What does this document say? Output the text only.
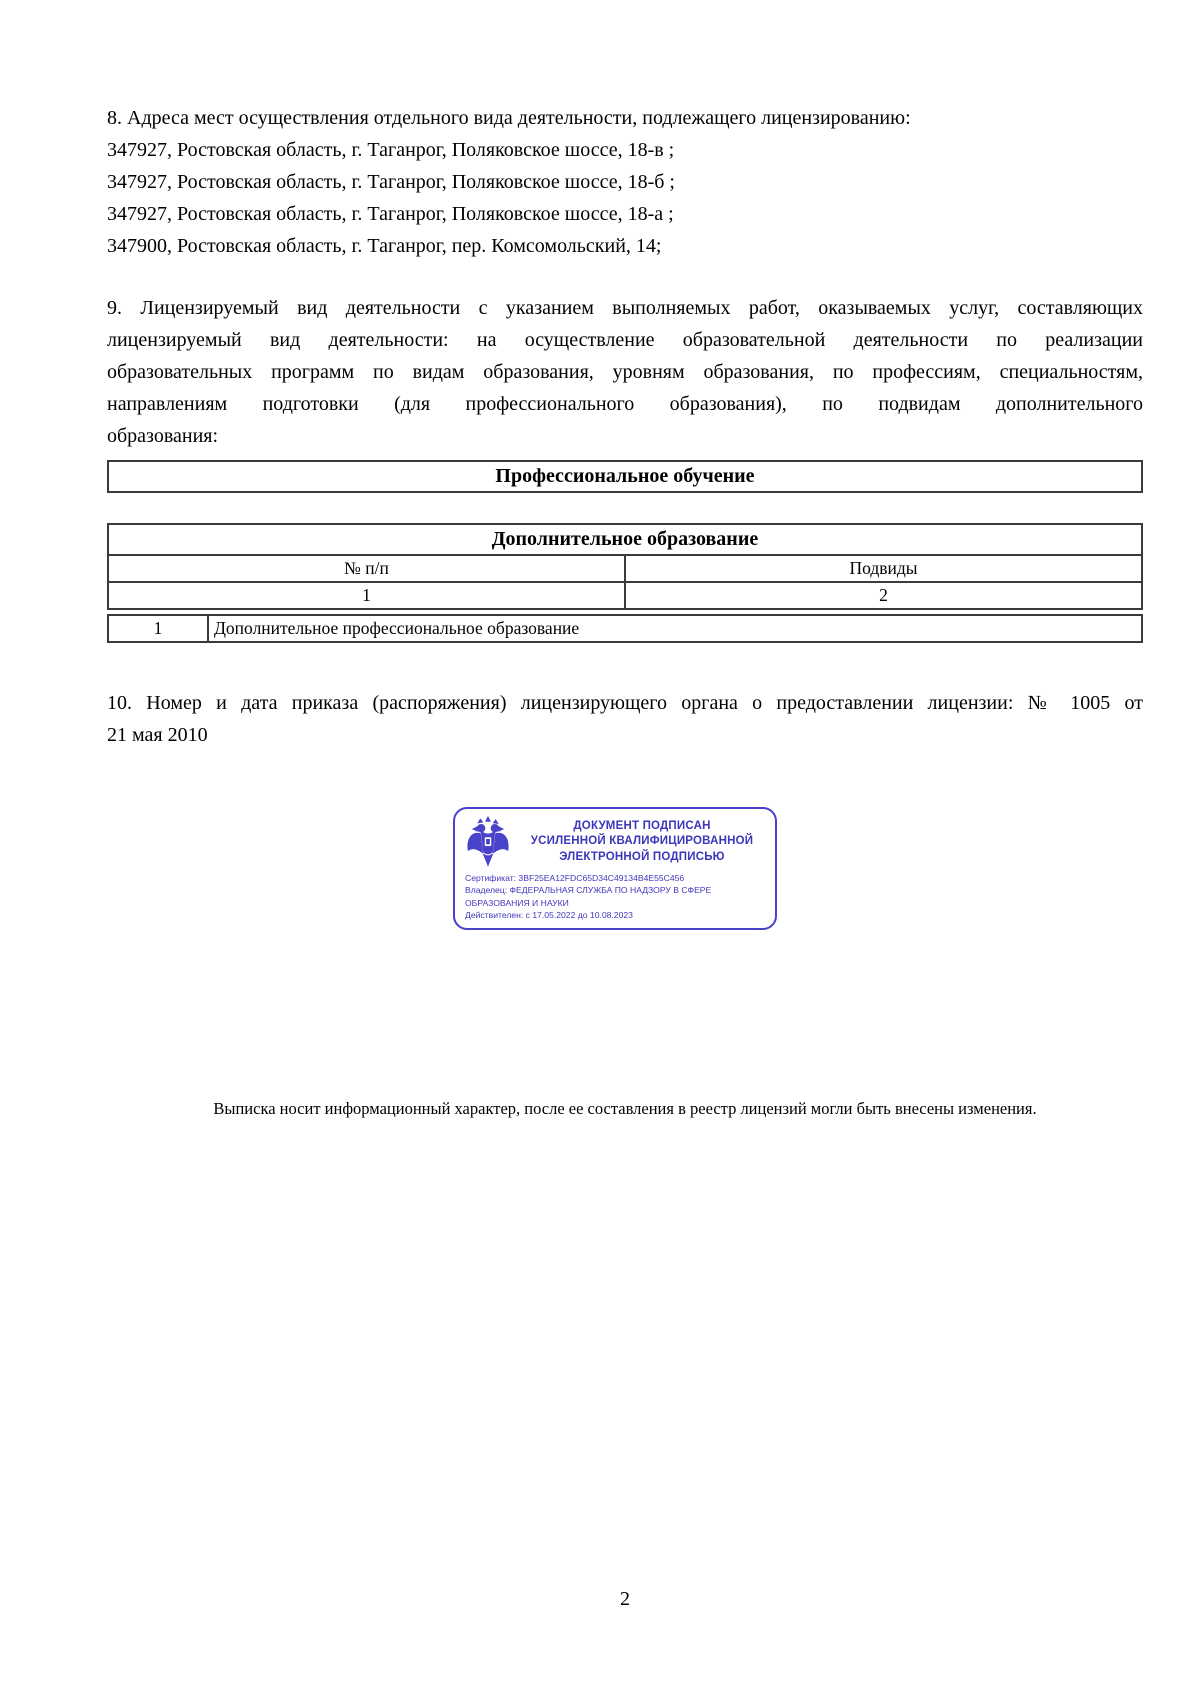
8. Адреса мест осуществления отдельного вида деятельности, подлежащего лицензированию:
347927, Ростовская область, г. Таганрог, Поляковское шоссе, 18-в ;
347927, Ростовская область, г. Таганрог, Поляковское шоссе, 18-б ;
347927, Ростовская область, г. Таганрог, Поляковское шоссе, 18-а ;
347900, Ростовская область, г. Таганрог, пер. Комсомольский, 14;
9. Лицензируемый вид деятельности с указанием выполняемых работ, оказываемых услуг, составляющих
лицензируемый вид деятельности: на осуществление образовательной деятельности по реализации
образовательных программ по видам образования, уровням образования, по профессиям, специальностям,
направлениям подготовки (для профессионального образования), по подвидам дополнительного
образования:
Профессиональное обучение
Дополнительное образование	
№ п/п	Подвиды
1	2
1	Дополнительное профессиональное образование
10. Номер и дата приказа (распоряжения) лицензирующего органа о предоставлении лицензии: № 1005 от
21 мая 2010
ДОКУМЕНТ ПОДПИСАН
УСИЛЕННОЙ КВАЛИФИЦИРОВАННОЙ
ЭЛЕКТРОННОЙ ПОДПИСЬЮ
Сертификат: 3BF25EA12FDC65D34C49134B4E55C456
Владелец: ФЕДЕРАЛЬНАЯ СЛУЖБА ПО НАДЗОРУ В СФЕРЕ ОБРАЗОВАНИЯ И НАУКИ
Действителен: с 17.05.2022 до 10.08.2023
Выписка носит информационный характер, после ее составления в реестр лицензий могли быть внесены изменения.
2
